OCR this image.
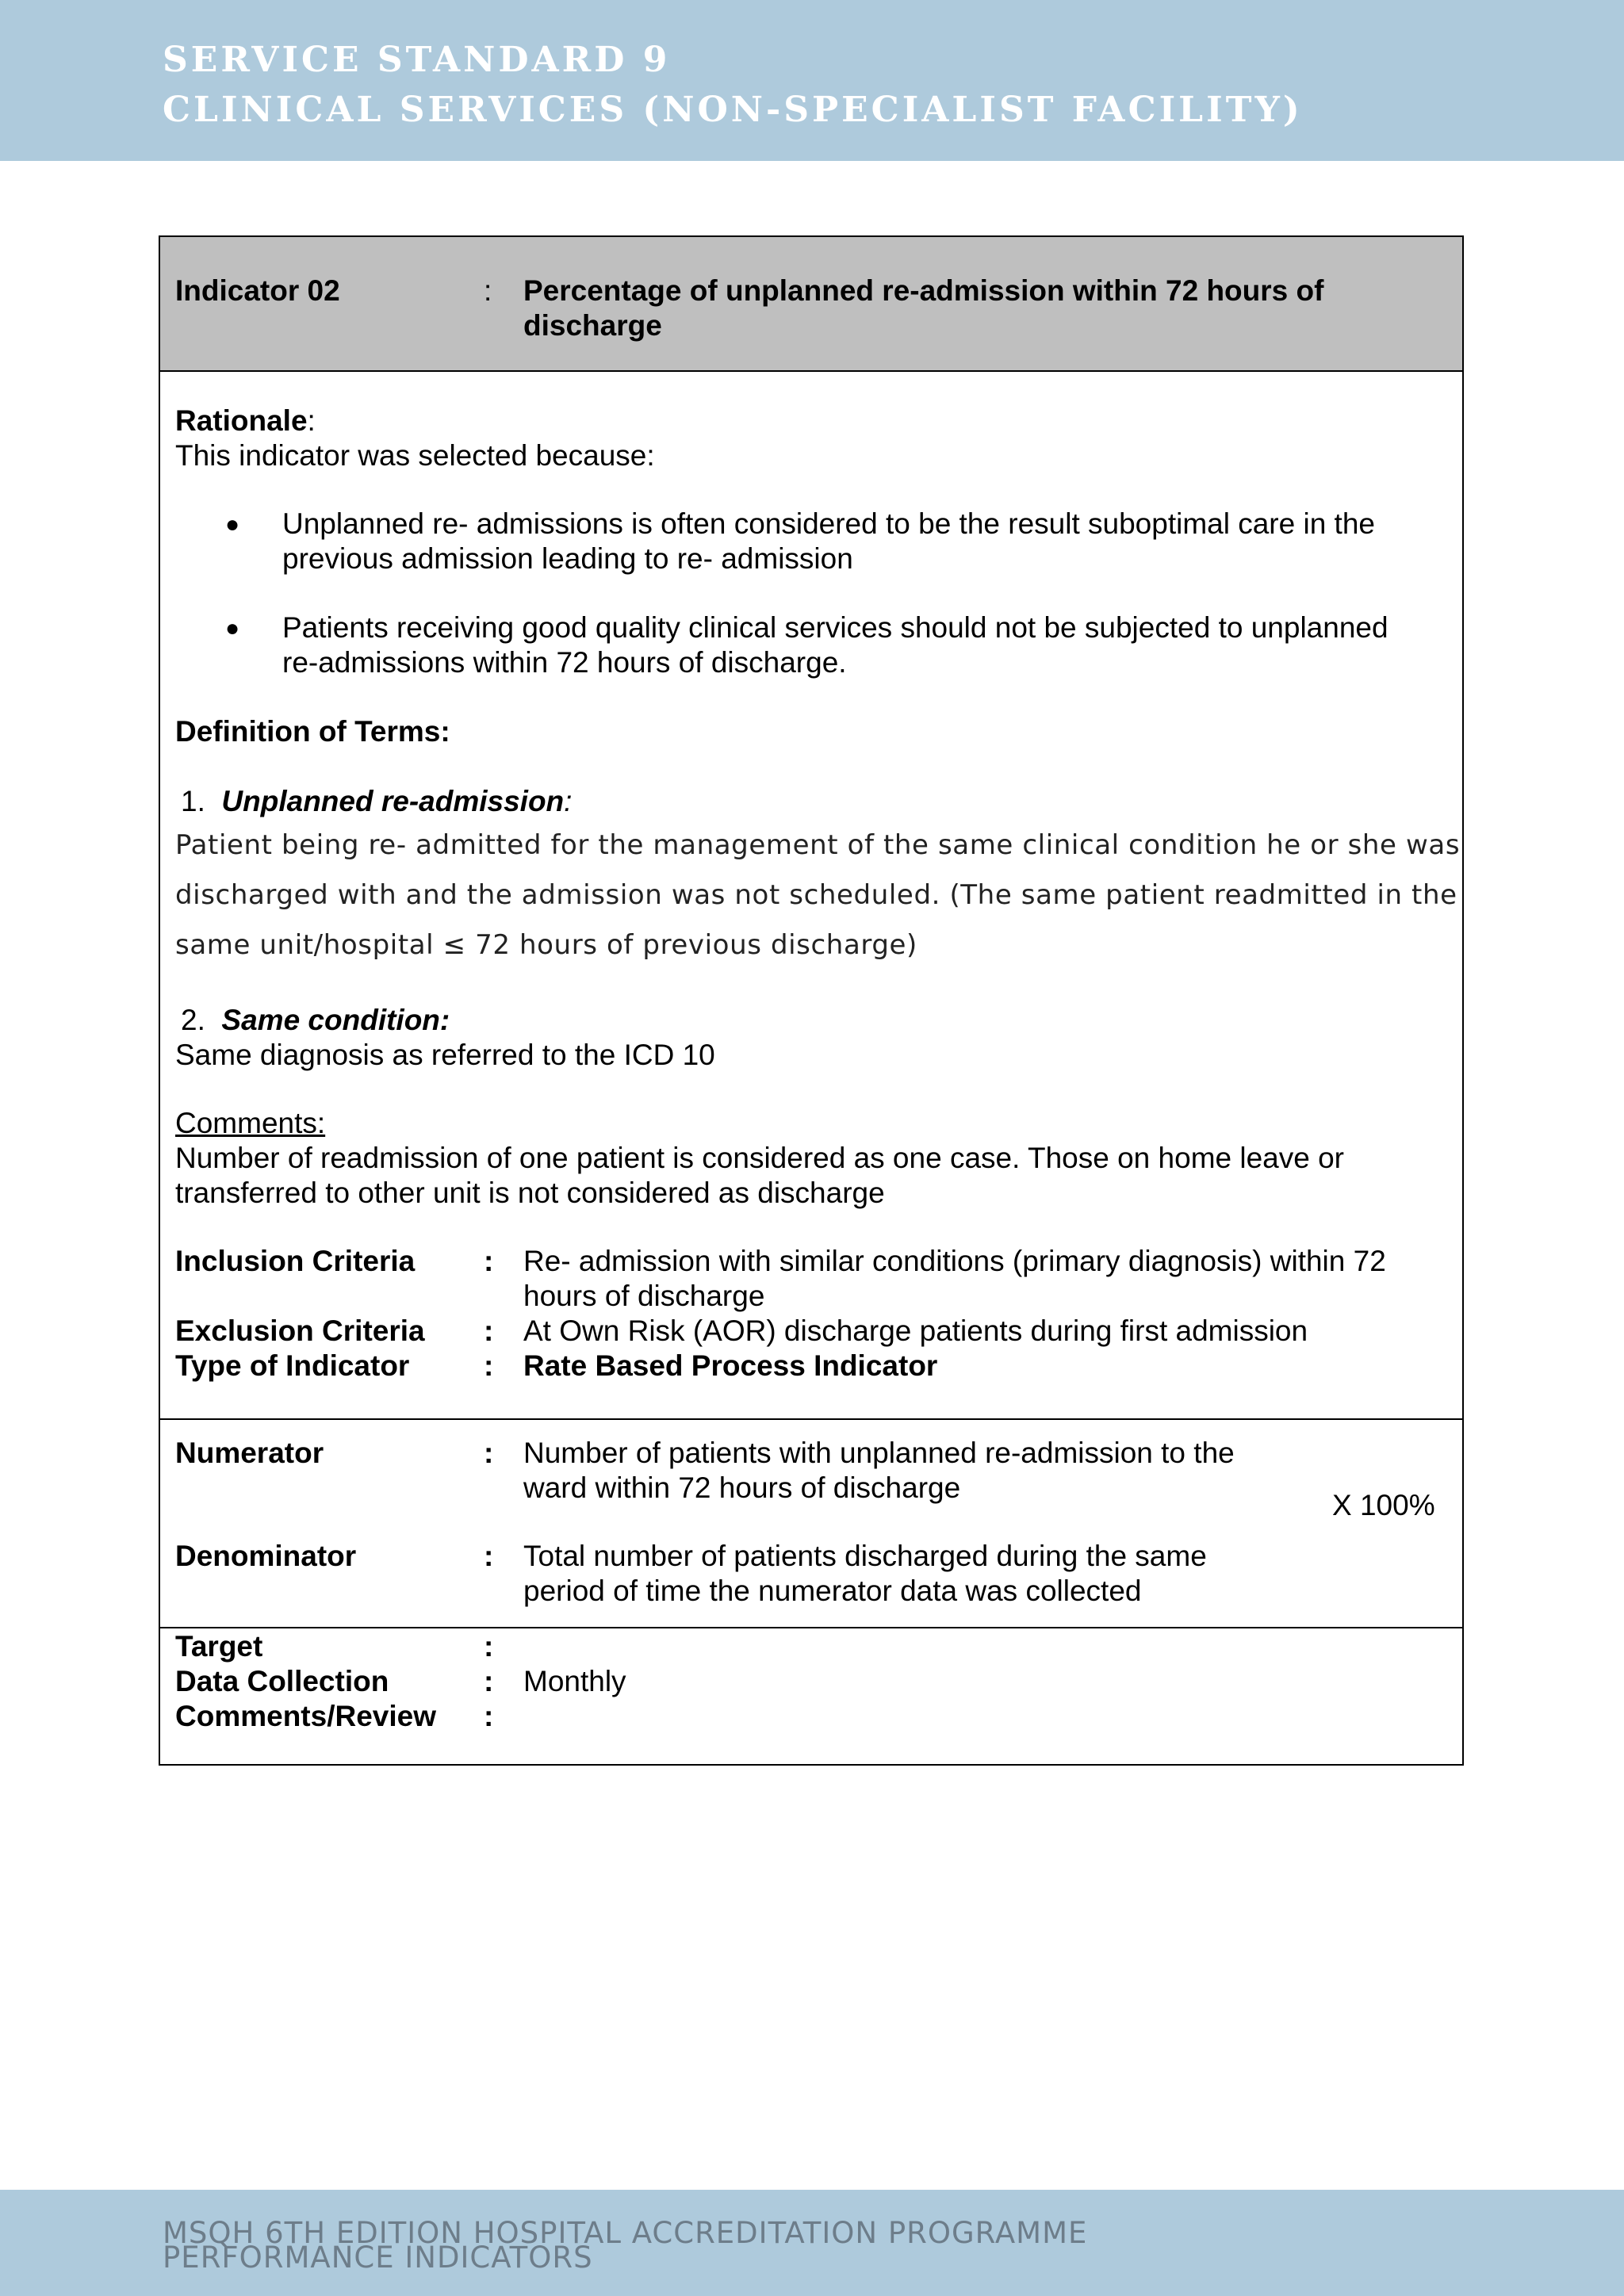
SERVICE STANDARD 9
CLINICAL SERVICES (NON-SPECIALIST FACILITY)
Indicator 02	: Percentage of unplanned re-admission within 72 hours of
discharge
Rationale:
This indicator was selected because:
● Unplanned re- admissions is often considered to be the result suboptimal care in the
previous admission leading to re- admission
● Patients receiving good quality clinical services should not be subjected to unplanned
re-admissions within 72 hours of discharge.
Definition of Terms:
1. Unplanned re-admission:
Patient being re- admitted for the management of the same clinical condition he or she was
discharged with and the admission was not scheduled. (The same patient readmitted in the
same unit/hospital ≤ 72 hours of previous discharge)
2. Same condition:
Same diagnosis as referred to the ICD 10
Comments:
Number of readmission of one patient is considered as one case. Those on home leave or
transferred to other unit is not considered as discharge
Inclusion Criteria : Re- admission with similar conditions (primary diagnosis) within 72
hours of discharge
Exclusion Criteria : At Own Risk (AOR) discharge patients during first admission
Type of Indicator	: Rate Based Process Indicator
Numerator	: Number of patients with unplanned re-admission to the
ward within 72 hours of discharge
X 100%
Denominator	: Total number of patients discharged during the same
period of time the numerator data was collected
Target	:
Data Collection	: Monthly
Comments/Review :
MSQH 6TH EDITION HOSPITAL ACCREDITATION PROGRAMME
PERFORMANCE INDICATORS
